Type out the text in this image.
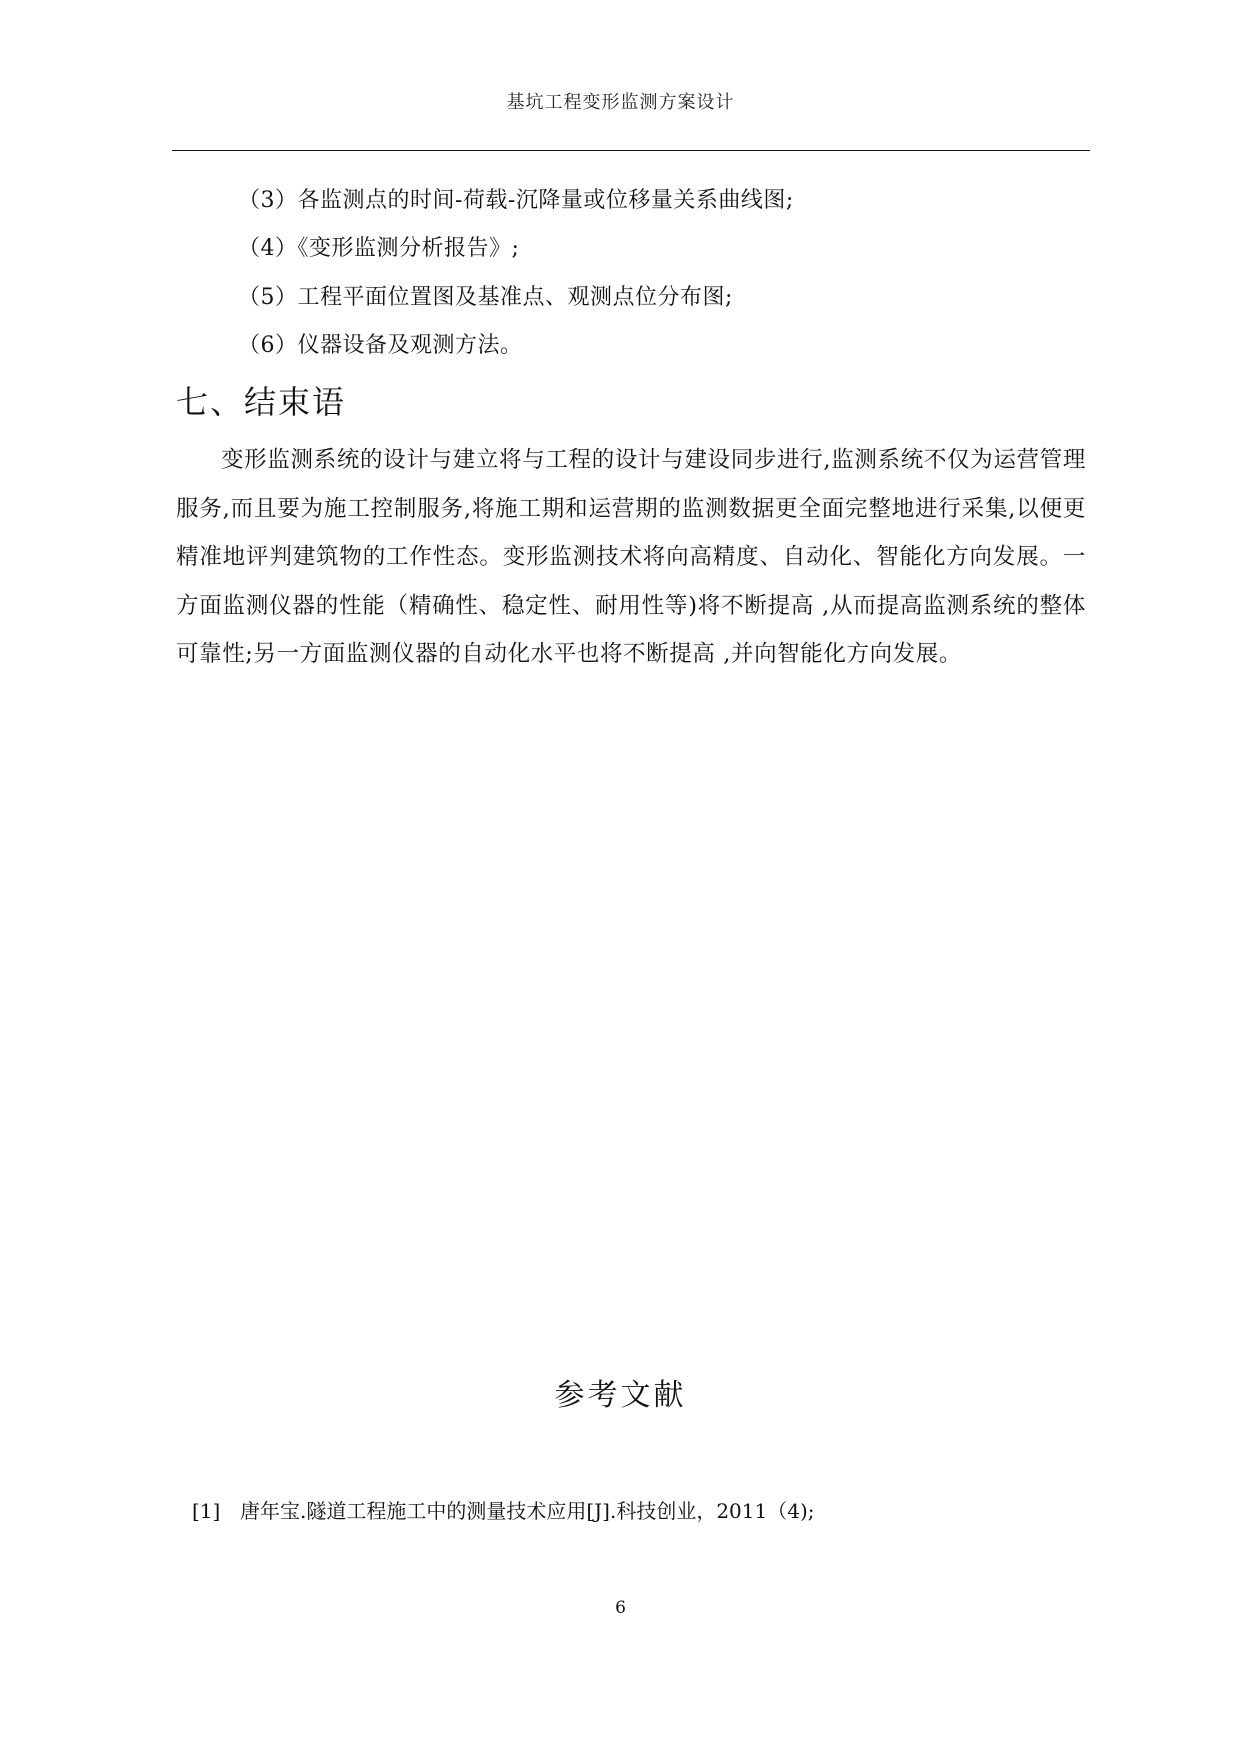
基坑工程变形监测方案设计
（3）各监测点的时间-荷载-沉降量或位移量关系曲线图;
（4）《变形监测分析报告》;
（5）工程平面位置图及基准点、观测点位分布图;
（6）仪器设备及观测方法。
七、结束语
变形监测系统的设计与建立将与工程的设计与建设同步进行,监测系统不仅为运营管理服务,而且要为施工控制服务,将施工期和运营期的监测数据更全面完整地进行采集,以便更精准地评判建筑物的工作性态。变形监测技术将向高精度、自动化、智能化方向发展。一方面监测仪器的性能（精确性、稳定性、耐用性等)将不断提高 ,从而提高监测系统的整体可靠性;另一方面监测仪器的自动化水平也将不断提高 ,并向智能化方向发展。
参考文献
[1] 唐年宝.隧道工程施工中的测量技术应用[J].科技创业，2011（4);
6
